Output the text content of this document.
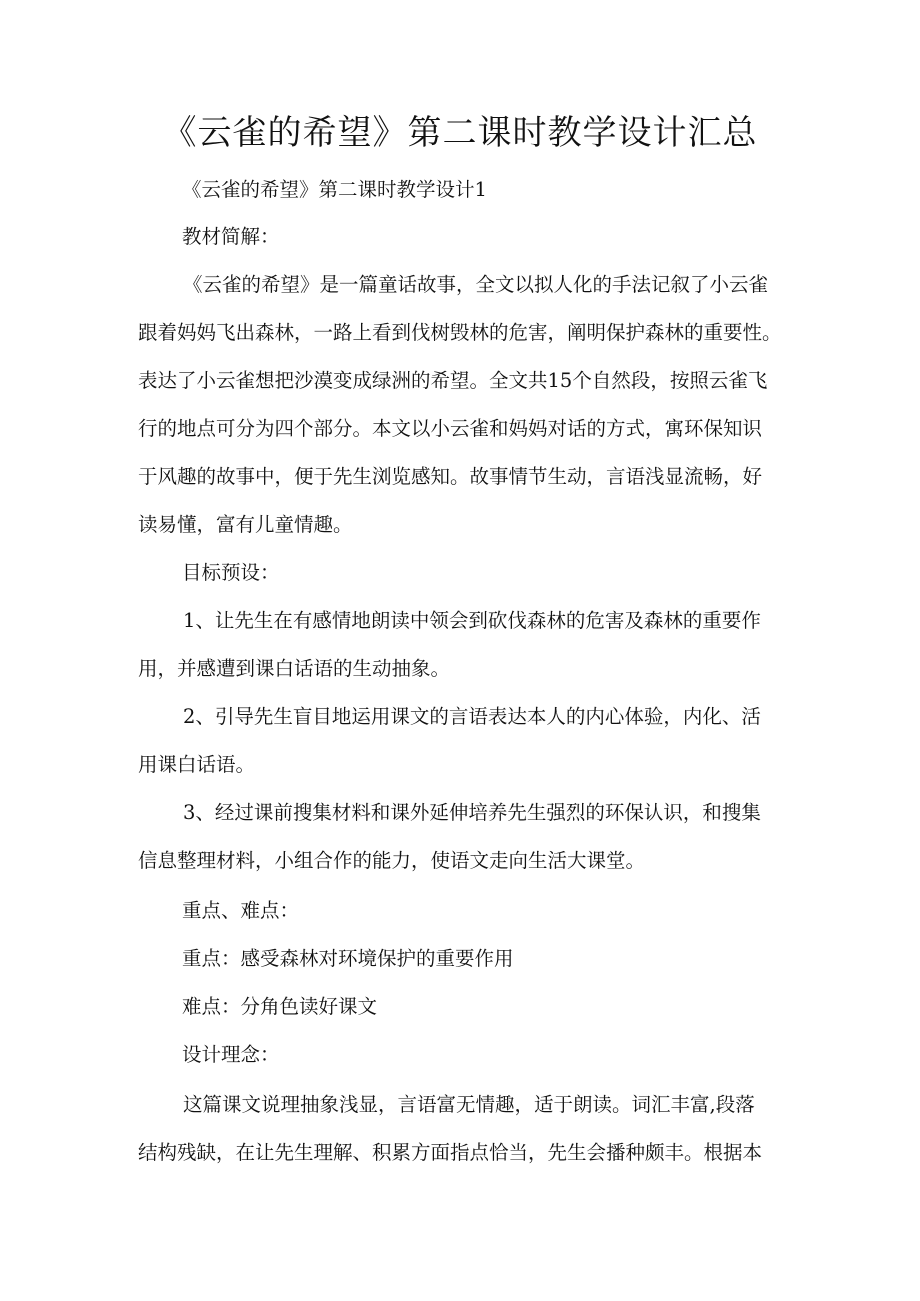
《云雀的希望》第二课时教学设计汇总

《云雀的希望》第二课时教学设计1

教材简解：

《云雀的希望》是一篇童话故事，全文以拟人化的手法记叙了小云雀

跟着妈妈飞出森林，一路上看到伐树毁林的危害，阐明保护森林的重要性。

表达了小云雀想把沙漠变成绿洲的希望。全文共15个自然段，按照云雀飞

行的地点可分为四个部分。本文以小云雀和妈妈对话的方式，寓环保知识

于风趣的故事中，便于先生浏览感知。故事情节生动，言语浅显流畅，好

读易懂，富有儿童情趣。

目标预设：

1、让先生在有感情地朗读中领会到砍伐森林的危害及森林的重要作

用，并感遭到课白话语的生动抽象。

2、引导先生盲目地运用课文的言语表达本人的内心体验，内化、活

用课白话语。

3、经过课前搜集材料和课外延伸培养先生强烈的环保认识，和搜集

信息整理材料，小组合作的能力，使语文走向生活大课堂。

重点、难点：

重点：感受森林对环境保护的重要作用

难点：分角色读好课文

设计理念：

这篇课文说理抽象浅显，言语富无情趣，适于朗读。词汇丰富,段落

结构残缺，在让先生理解、积累方面指点恰当，先生会播种颇丰。根据本
